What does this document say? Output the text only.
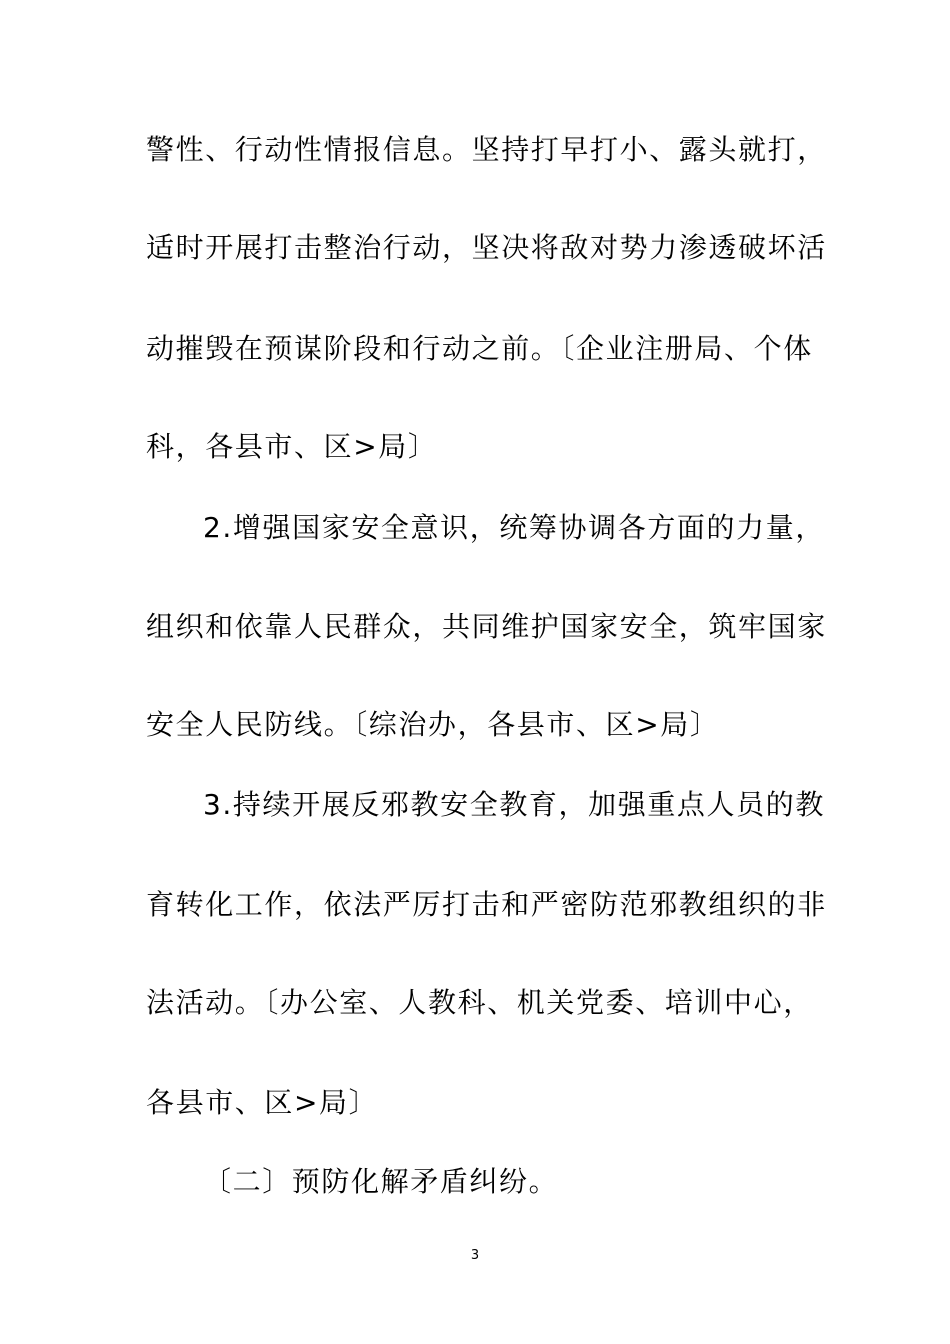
警性、行动性情报信息。坚持打早打小、露头就打，
适时开展打击整治行动，坚决将敌对势力渗透破坏活
动摧毁在预谋阶段和行动之前。〔企业注册局、个体
科，各县市、区>局〕
2.增强国家安全意识，统筹协调各方面的力量，
组织和依靠人民群众，共同维护国家安全，筑牢国家
安全人民防线。〔综治办，各县市、区>局〕
3.持续开展反邪教安全教育，加强重点人员的教
育转化工作，依法严厉打击和严密防范邪教组织的非
法活动。〔办公室、人教科、机关党委、培训中心，
各县市、区>局〕
〔二〕预防化解矛盾纠纷。
3
